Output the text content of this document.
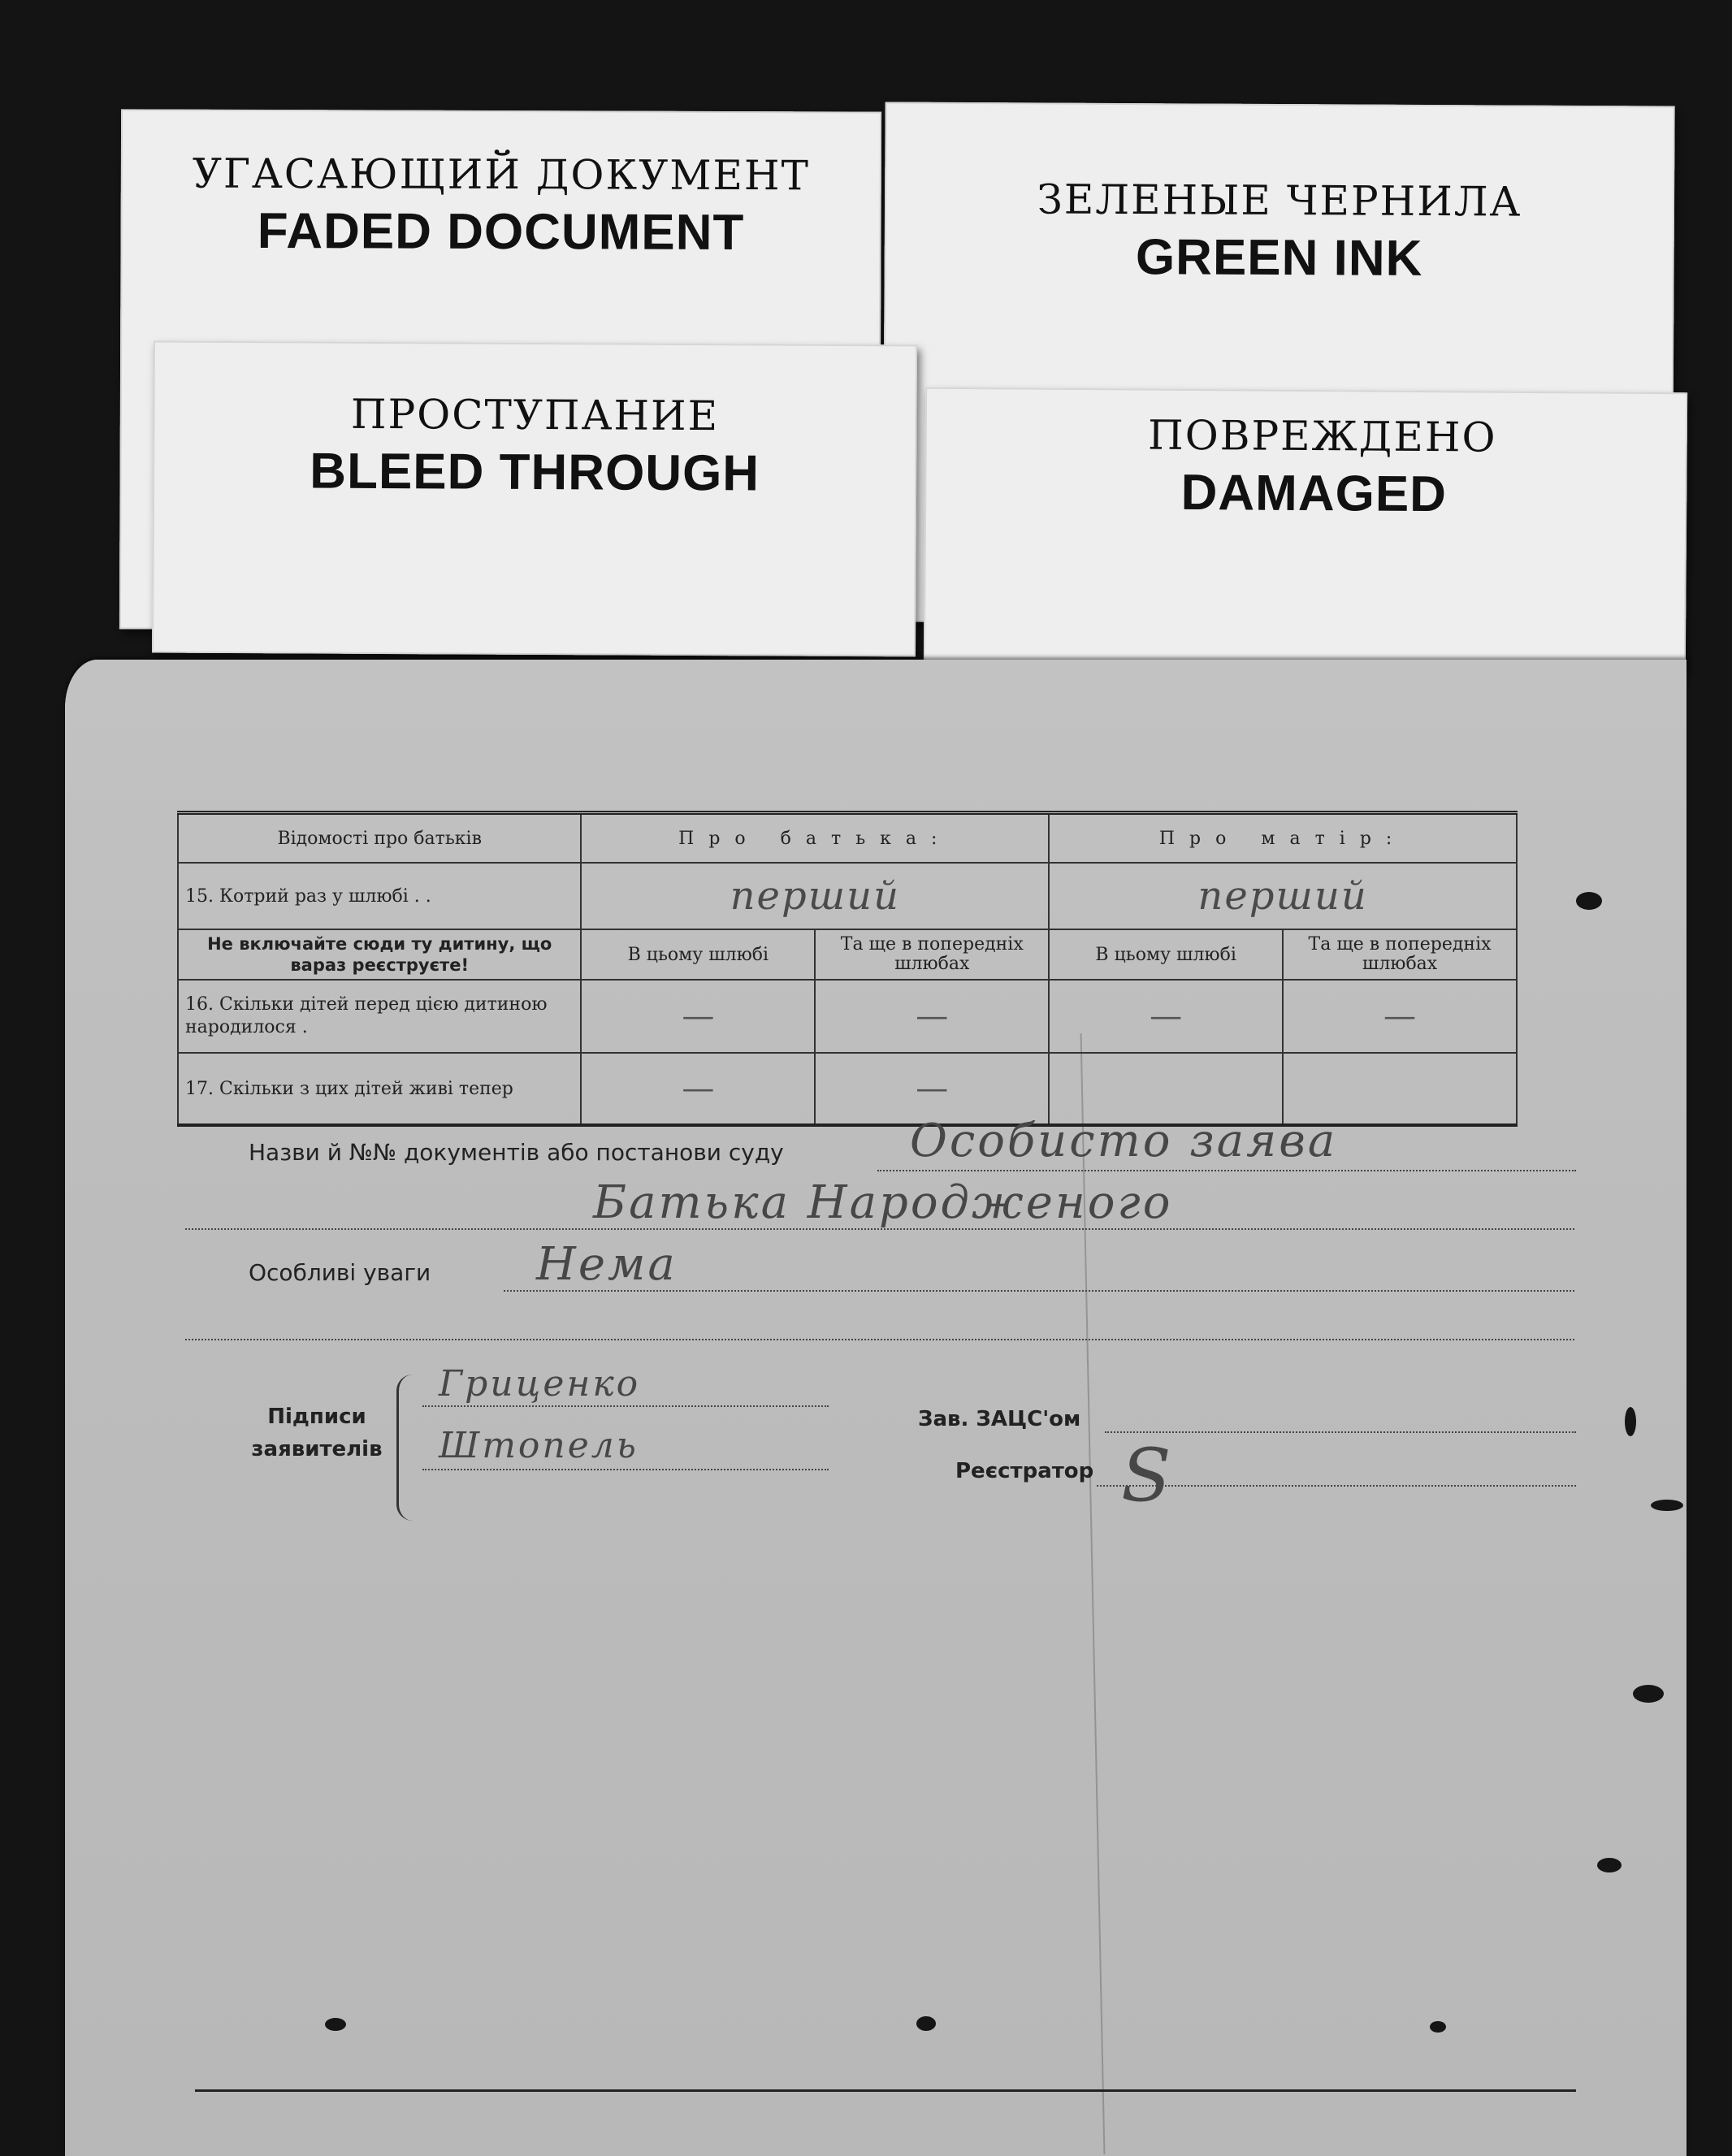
УГАСАЮЩИЙ ДОКУМЕНТ
FADED DOCUMENT
ЗЕЛЕНЫЕ ЧЕРНИЛА
GREEN INK
ПРОСТУПАНИЕ
BLEED THROUGH
ПОВРЕЖДЕНО
DAMAGED
Відомості про батьків	Про батька:		Про матір:	
15. Котрий раз у шлюбі . .	перший		перший	
Не включайте сюди ту дитину, що вараз реєструєте!	В цьому шлюбі	Та ще в попередніх шлюбах	В цьому шлюбі	Та ще в попередніх шлюбах
16. Скільки дітей перед цією дитиною народилося .	—	—	—	—
17. Скільки з цих дітей живі тепер	—	—		
Назви й №№ документів або постанови суду	Особисто заява
Батька Народженого
Особливі уваги	Нема
Підписи заявителів
Гриценко
Штопель
Зав. ЗАЦС'ом
Реєстратор S
